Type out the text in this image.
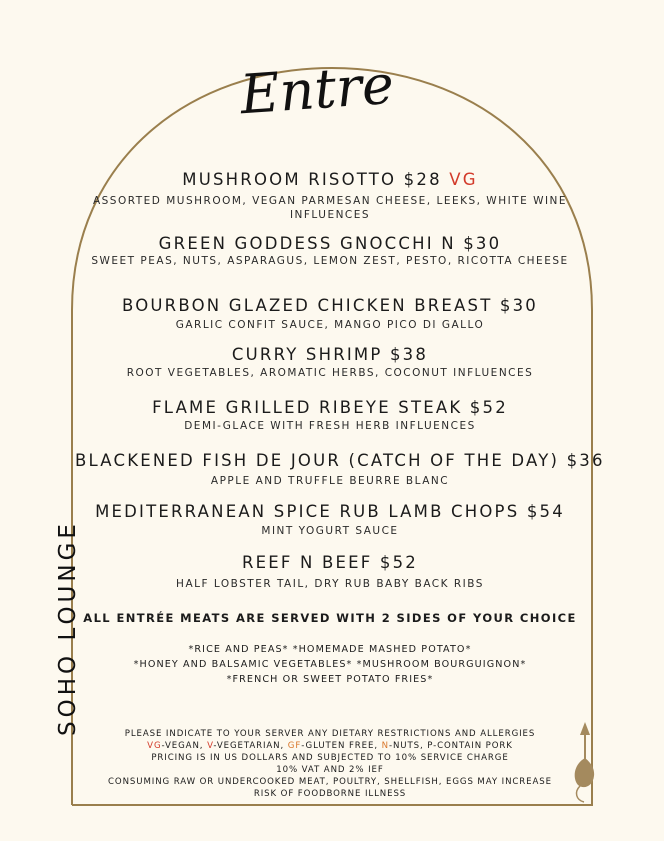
Entre
MUSHROOM RISOTTO $28 VG
ASSORTED MUSHROOM, VEGAN PARMESAN CHEESE, LEEKS, WHITE WINE INFLUENCES
GREEN GODDESS GNOCCHI N $30
SWEET PEAS, NUTS, ASPARAGUS, LEMON ZEST, PESTO, RICOTTA CHEESE
BOURBON GLAZED CHICKEN BREAST $30
GARLIC CONFIT SAUCE, MANGO PICO DI GALLO
CURRY SHRIMP $38
ROOT VEGETABLES, AROMATIC HERBS, COCONUT INFLUENCES
FLAME GRILLED RIBEYE STEAK $52
DEMI-GLACE WITH FRESH HERB INFLUENCES
BLACKENED FISH DE JOUR (CATCH OF THE DAY) $36
APPLE AND TRUFFLE BEURRE BLANC
MEDITERRANEAN SPICE RUB LAMB CHOPS $54
MINT YOGURT SAUCE
REEF N BEEF $52
HALF LOBSTER TAIL, DRY RUB BABY BACK RIBS
ALL ENTRÉE MEATS ARE SERVED WITH 2 SIDES OF YOUR CHOICE
*RICE AND PEAS* *HOMEMADE MASHED POTATO*
*HONEY AND BALSAMIC VEGETABLES* *MUSHROOM BOURGUIGNON*
*FRENCH OR SWEET POTATO FRIES*
PLEASE INDICATE TO YOUR SERVER ANY DIETARY RESTRICTIONS AND ALLERGIES
VG-VEGAN, V-VEGETARIAN, GF-GLUTEN FREE, N-NUTS, P-CONTAIN PORK
PRICING IS IN US DOLLARS AND SUBJECTED TO 10% SERVICE CHARGE
10% VAT AND 2% IEF
CONSUMING RAW OR UNDERCOOKED MEAT, POULTRY, SHELLFISH, EGGS MAY INCREASE
RISK OF FOODBORNE ILLNESS
SOHO LOUNGE
